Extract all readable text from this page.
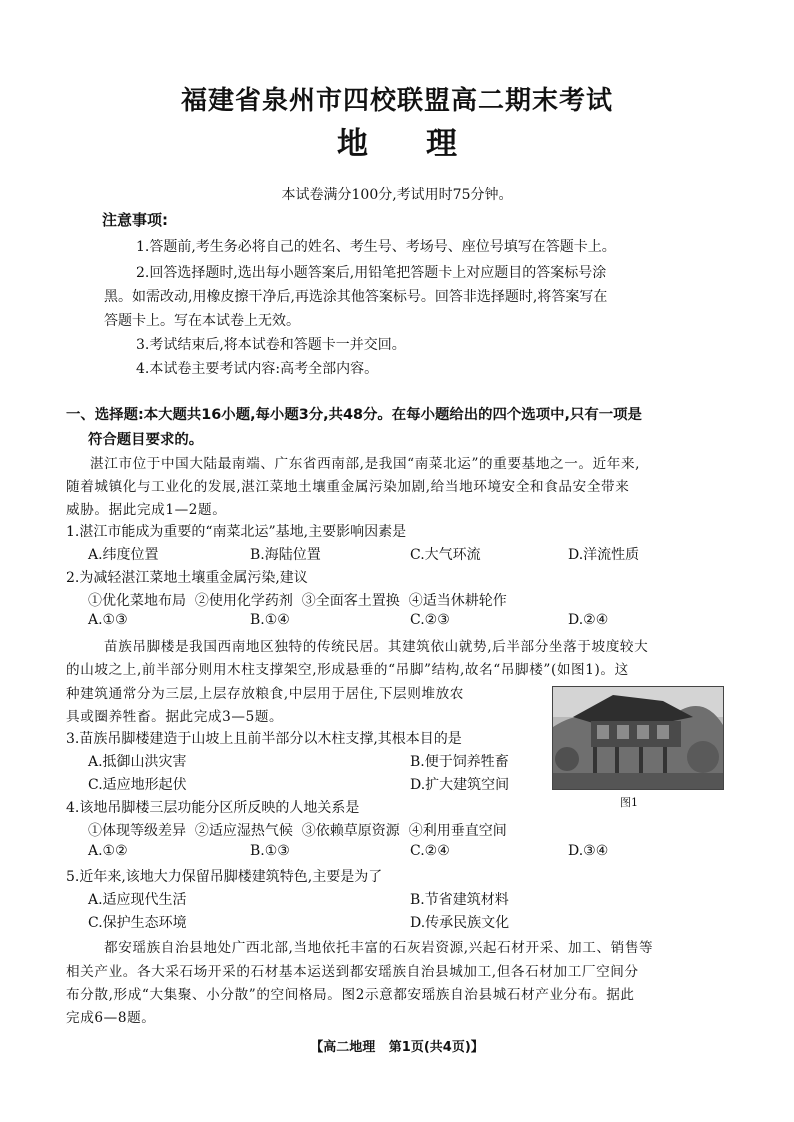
福建省泉州市四校联盟高二期末考试
地理
本试卷满分100分,考试用时75分钟。
注意事项:
1.答题前,考生务必将自己的姓名、考生号、考场号、座位号填写在答题卡上。
2.回答选择题时,选出每小题答案后,用铅笔把答题卡上对应题目的答案标号涂
黑。如需改动,用橡皮擦干净后,再选涂其他答案标号。回答非选择题时,将答案写在
答题卡上。写在本试卷上无效。
3.考试结束后,将本试卷和答题卡一并交回。
4.本试卷主要考试内容:高考全部内容。
一、选择题:本大题共16小题,每小题3分,共48分。在每小题给出的四个选项中,只有一项是
符合题目要求的。
湛江市位于中国大陆最南端、广东省西南部,是我国“南菜北运”的重要基地之一。近年来,
随着城镇化与工业化的发展,湛江菜地土壤重金属污染加剧,给当地环境安全和食品安全带来
威胁。据此完成1—2题。
1.湛江市能成为重要的“南菜北运”基地,主要影响因素是
A.纬度位置	B.海陆位置	C.大气环流	D.洋流性质
2.为减轻湛江菜地土壤重金属污染,建议
①优化菜地布局  ②使用化学药剂  ③全面客土置换  ④适当休耕轮作
A.①③	B.①④	C.②③	D.②④
苗族吊脚楼是我国西南地区独特的传统民居。其建筑依山就势,后半部分坐落于坡度较大
的山坡之上,前半部分则用木柱支撑架空,形成悬垂的“吊脚”结构,故名“吊脚楼”(如图1)。这
种建筑通常分为三层,上层存放粮食,中层用于居住,下层则堆放农
具或圈养牲畜。据此完成3—5题。
图1
3.苗族吊脚楼建造于山坡上且前半部分以木柱支撑,其根本目的是
A.抵御山洪灾害	B.便于饲养牲畜
C.适应地形起伏	D.扩大建筑空间
4.该地吊脚楼三层功能分区所反映的人地关系是
①体现等级差异  ②适应湿热气候  ③依赖草原资源  ④利用垂直空间
A.①②	B.①③	C.②④	D.③④
5.近年来,该地大力保留吊脚楼建筑特色,主要是为了
A.适应现代生活	B.节省建筑材料
C.保护生态环境	D.传承民族文化
都安瑶族自治县地处广西北部,当地依托丰富的石灰岩资源,兴起石材开采、加工、销售等
相关产业。各大采石场开采的石材基本运送到都安瑶族自治县城加工,但各石材加工厂空间分
布分散,形成“大集聚、小分散”的空间格局。图2示意都安瑶族自治县城石材产业分布。据此
完成6—8题。
【高二地理   第1页(共4页)】
